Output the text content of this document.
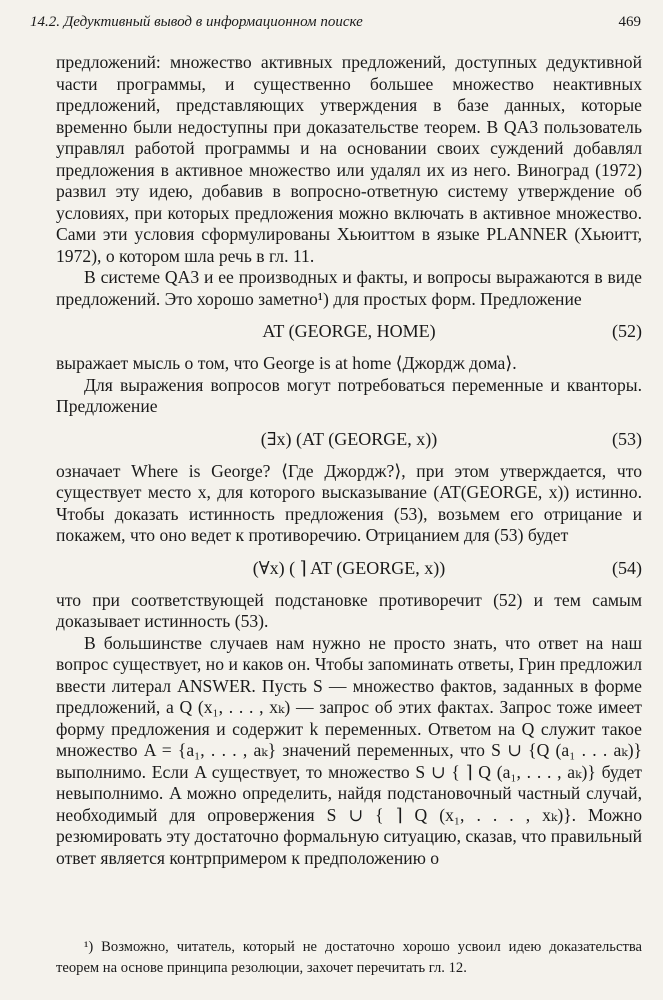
14.2. Дедуктивный вывод в информационном поиске	469

предложений: множество активных предложений, доступных дедуктивной части программы, и существенно большее множество неактивных предложений, представляющих утверждения в базе данных, которые временно были недоступны при доказательстве теорем. В QA3 пользователь управлял работой программы и на основании своих суждений добавлял предложения в активное множество или удалял их из него. Виноград (1972) развил эту идею, добавив в вопросно-ответную систему утверждение об условиях, при которых предложения можно включать в активное множество. Сами эти условия сформулированы Хьюиттом в языке PLANNER (Хьюитт, 1972), о котором шла речь в гл. 11.

В системе QA3 и ее производных и факты, и вопросы выражаются в виде предложений. Это хорошо заметно¹) для простых форм. Предложение

AT (GEORGE, HOME)	(52)

выражает мысль о том, что George is at home ⟨Джордж дома⟩.

Для выражения вопросов могут потребоваться переменные и кванторы. Предложение

(∃x) (AT (GEORGE, x))	(53)

означает Where is George? ⟨Где Джордж?⟩, при этом утверждается, что существует место x, для которого высказывание (AT(GEORGE, x)) истинно. Чтобы доказать истинность предложения (53), возьмем его отрицание и покажем, что оно ведет к противоречию. Отрицанием для (53) будет

(∀x) ( ⌉ AT (GEORGE, x))	(54)

что при соответствующей подстановке противоречит (52) и тем самым доказывает истинность (53).

В большинстве случаев нам нужно не просто знать, что ответ на наш вопрос существует, но и каков он. Чтобы запоминать ответы, Грин предложил ввести литерал ANSWER. Пусть S — множество фактов, заданных в форме предложений, а Q (x₁, . . . , xₖ) — запрос об этих фактах. Запрос тоже имеет форму предложения и содержит k переменных. Ответом на Q служит такое множество A = {a₁, . . . , aₖ} значений переменных, что S ∪ {Q (a₁ . . . aₖ)} выполнимо. Если A существует, то множество S ∪ { ⌉ Q (a₁, . . . , aₖ)} будет невыполнимо. A можно определить, найдя подстановочный частный случай, необходимый для опровержения S ∪ { ⌉ Q (x₁, . . . , xₖ)}. Можно резюмировать эту достаточно формальную ситуацию, сказав, что правильный ответ является контрпримером к предположению о

¹) Возможно, читатель, который не достаточно хорошо усвоил идею доказательства теорем на основе принципа резолюции, захочет перечитать гл. 12.
